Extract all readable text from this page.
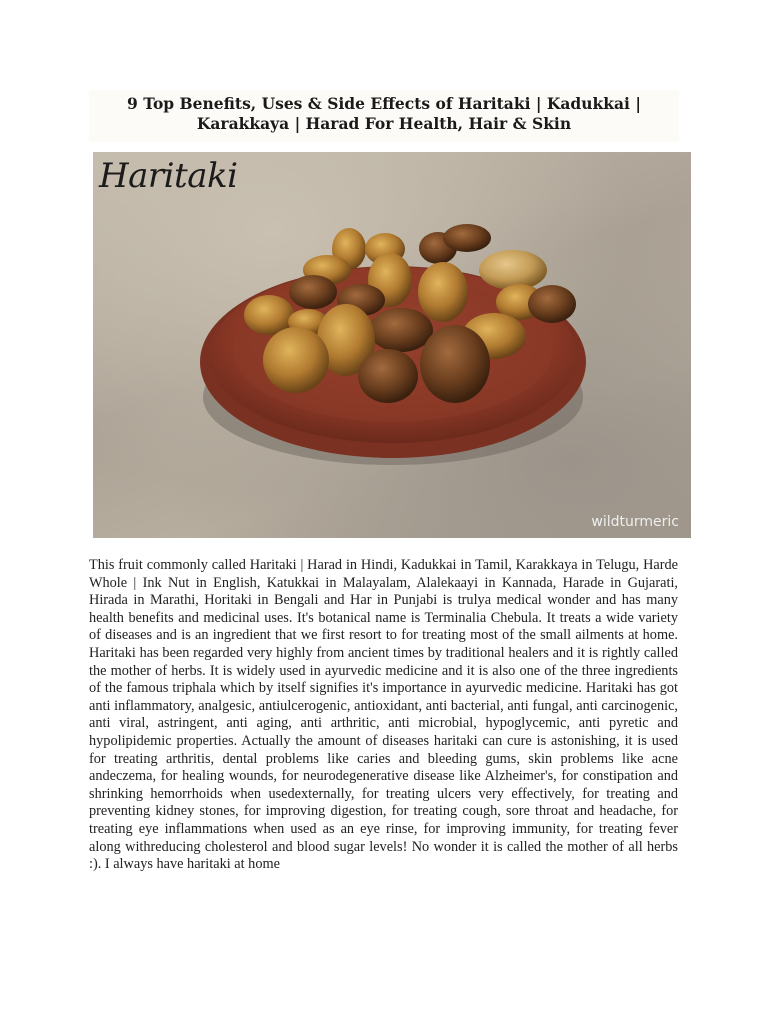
9 Top Benefits, Uses & Side Effects of Haritaki | Kadukkai |
Karakkaya | Harad For Health, Hair & Skin
Haritaki
wildturmeric

This fruit commonly called Haritaki | Harad in Hindi, Kadukkai in Tamil, Karakkaya in Telugu, Harde Whole | Ink Nut in English, Katukkai in Malayalam, Alalekaayi in Kannada, Harade in Gujarati, Hirada in Marathi, Horitaki in Bengali and Har in Punjabi is trulya medical wonder and has many health benefits and medicinal uses. It's botanical name is Terminalia Chebula. It treats a wide variety of diseases and is an ingredient that we first resort to for treating most of the small ailments at home. Haritaki has been regarded very highly from ancient times by traditional healers and it is rightly called the mother of herbs. It is widely used in ayurvedic medicine and it is also one of the three ingredients of the famous triphala which by itself signifies it's importance in ayurvedic medicine. Haritaki has got anti inflammatory, analgesic, antiulcerogenic, antioxidant, anti bacterial, anti fungal, anti carcinogenic, anti viral, astringent, anti aging, anti arthritic, anti microbial, hypoglycemic, anti pyretic and hypolipidemic properties. Actually the amount of diseases haritaki can cure is astonishing, it is used for treating arthritis, dental problems like caries and bleeding gums, skin problems like acne andeczema, for healing wounds, for neurodegenerative disease like Alzheimer's, for constipation and shrinking hemorrhoids when usedexternally, for treating ulcers very effectively, for treating and preventing kidney stones, for improving digestion, for treating cough, sore throat and headache, for treating eye inflammations when used as an eye rinse, for improving immunity, for treating fever along withreducing cholesterol and blood sugar levels! No wonder it is called the mother of all herbs :). I always have haritaki at home
